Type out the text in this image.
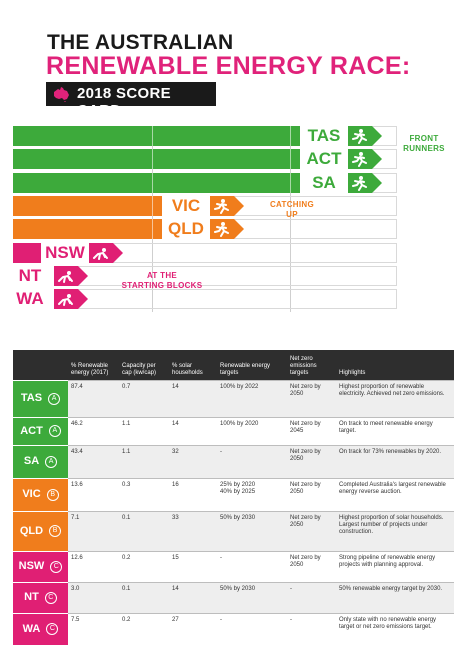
THE AUSTRALIAN
RENEWABLE ENERGY RACE:
2018 SCORE CARD
TAS
ACT
SA
VIC
QLD
NSW
NT
WA
FRONT
RUNNERS
CATCHING
UP
AT THE
STARTING BLOCKS
	% Renewable energy (2017)	Capacity per cap (kw/cap)	% solar households	Renewable energy targets	Net zero emissions targets	Highlights

TAS A	87.4	0.7	14	100% by 2022	Net zero by 2050	Highest proportion of renewable electricity. Achieved net zero emissions.

ACT A	46.2	1.1	14	100% by 2020	Net zero by 2045	On track to meet renewable energy target.

SA A	43.4	1.1	32	-	Net zero by 2050	On track for 73% renewables by 2020.

VIC B	13.6	0.3	16	25% by 2020
40% by 2025	Net zero by 2050	Completed Australia's largest renewable energy reverse auction.

QLD B	7.1	0.1	33	50% by 2030	Net zero by 2050	Highest proportion of solar households.
Largest number of projects under construction.

NSW C	12.6	0.2	15	-	Net zero by 2050	Strong pipeline of renewable energy projects with planning approval.

NT C	3.0	0.1	14	50% by 2030	-	50% renewable energy target by 2030.

WA C	7.5	0.2	27	-	-	Only state with no renewable energy target or net zero emissions target.
